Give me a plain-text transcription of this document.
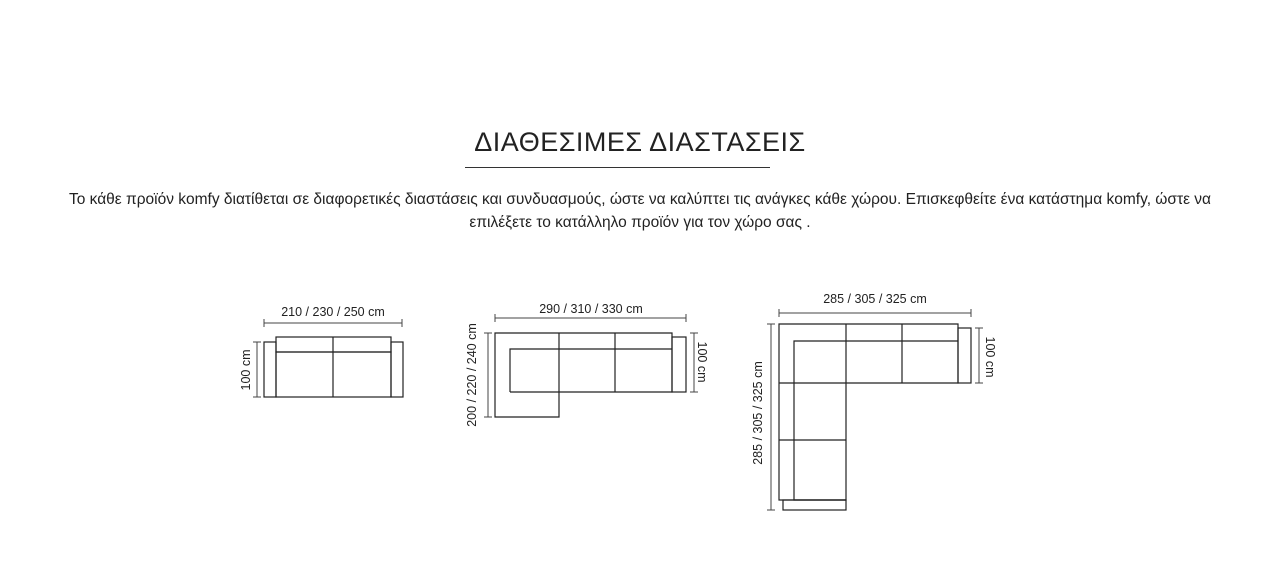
ΔΙΑΘΕΣΙΜΕΣ ΔΙΑΣΤΑΣΕΙΣ

Το κάθε προϊόν komfy διατίθεται σε διαφορετικές διαστάσεις και συνδυασμούς, ώστε να καλύπτει τις ανάγκες κάθε χώρου. Επισκεφθείτε ένα κατάστημα komfy, ώστε να επιλέξετε το κατάλληλο προϊόν για τον χώρο σας .

210 / 230 / 250 cm
100 cm
290 / 310 / 330 cm
200 / 220 / 240 cm	100 cm
285 / 305 / 325 cm
285 / 305 / 325 cm
100 cm
